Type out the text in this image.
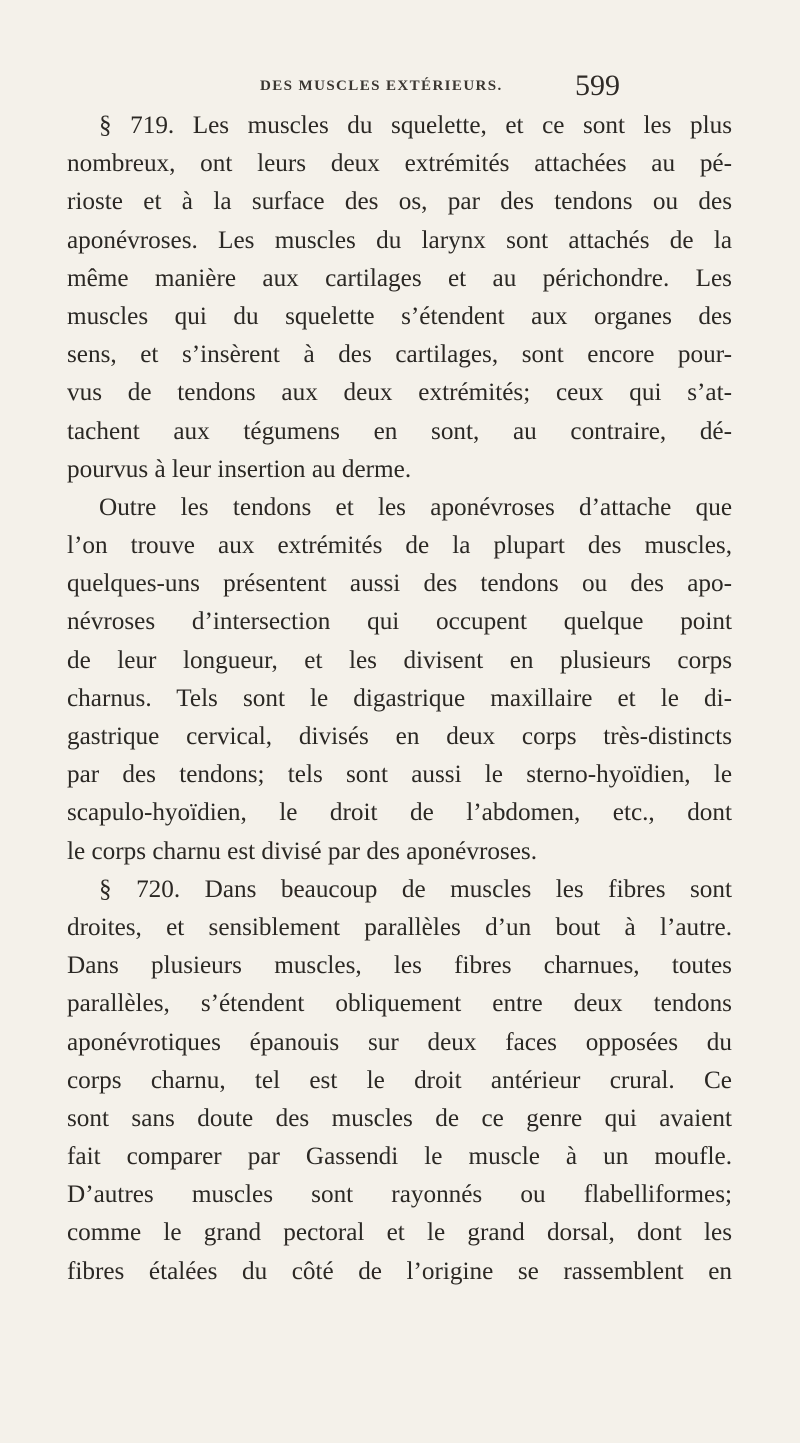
DES MUSCLES EXTÉRIEURS.	599
§ 719. Les muscles du squelette, et ce sont les plus
nombreux, ont leurs deux extrémités attachées au pé-
rioste et à la surface des os, par des tendons ou des
aponévroses. Les muscles du larynx sont attachés de la
même manière aux cartilages et au périchondre. Les
muscles qui du squelette s’étendent aux organes des
sens, et s’insèrent à des cartilages, sont encore pour-
vus de tendons aux deux extrémités; ceux qui s’at-
tachent aux tégumens en sont, au contraire, dé-
pourvus à leur insertion au derme.
Outre les tendons et les aponévroses d’attache que
l’on trouve aux extrémités de la plupart des muscles,
quelques-uns présentent aussi des tendons ou des apo-
névroses d’intersection qui occupent quelque point
de leur longueur, et les divisent en plusieurs corps
charnus. Tels sont le digastrique maxillaire et le di-
gastrique cervical, divisés en deux corps très-distincts
par des tendons; tels sont aussi le sterno-hyoïdien, le
scapulo-hyoïdien, le droit de l’abdomen, etc., dont
le corps charnu est divisé par des aponévroses.
§ 720. Dans beaucoup de muscles les fibres sont
droites, et sensiblement parallèles d’un bout à l’autre.
Dans plusieurs muscles, les fibres charnues, toutes
parallèles, s’étendent obliquement entre deux tendons
aponévrotiques épanouis sur deux faces opposées du
corps charnu, tel est le droit antérieur crural. Ce
sont sans doute des muscles de ce genre qui avaient
fait comparer par Gassendi le muscle à un moufle.
D’autres muscles sont rayonnés ou flabelliformes;
comme le grand pectoral et le grand dorsal, dont les
fibres étalées du côté de l’origine se rassemblent en
